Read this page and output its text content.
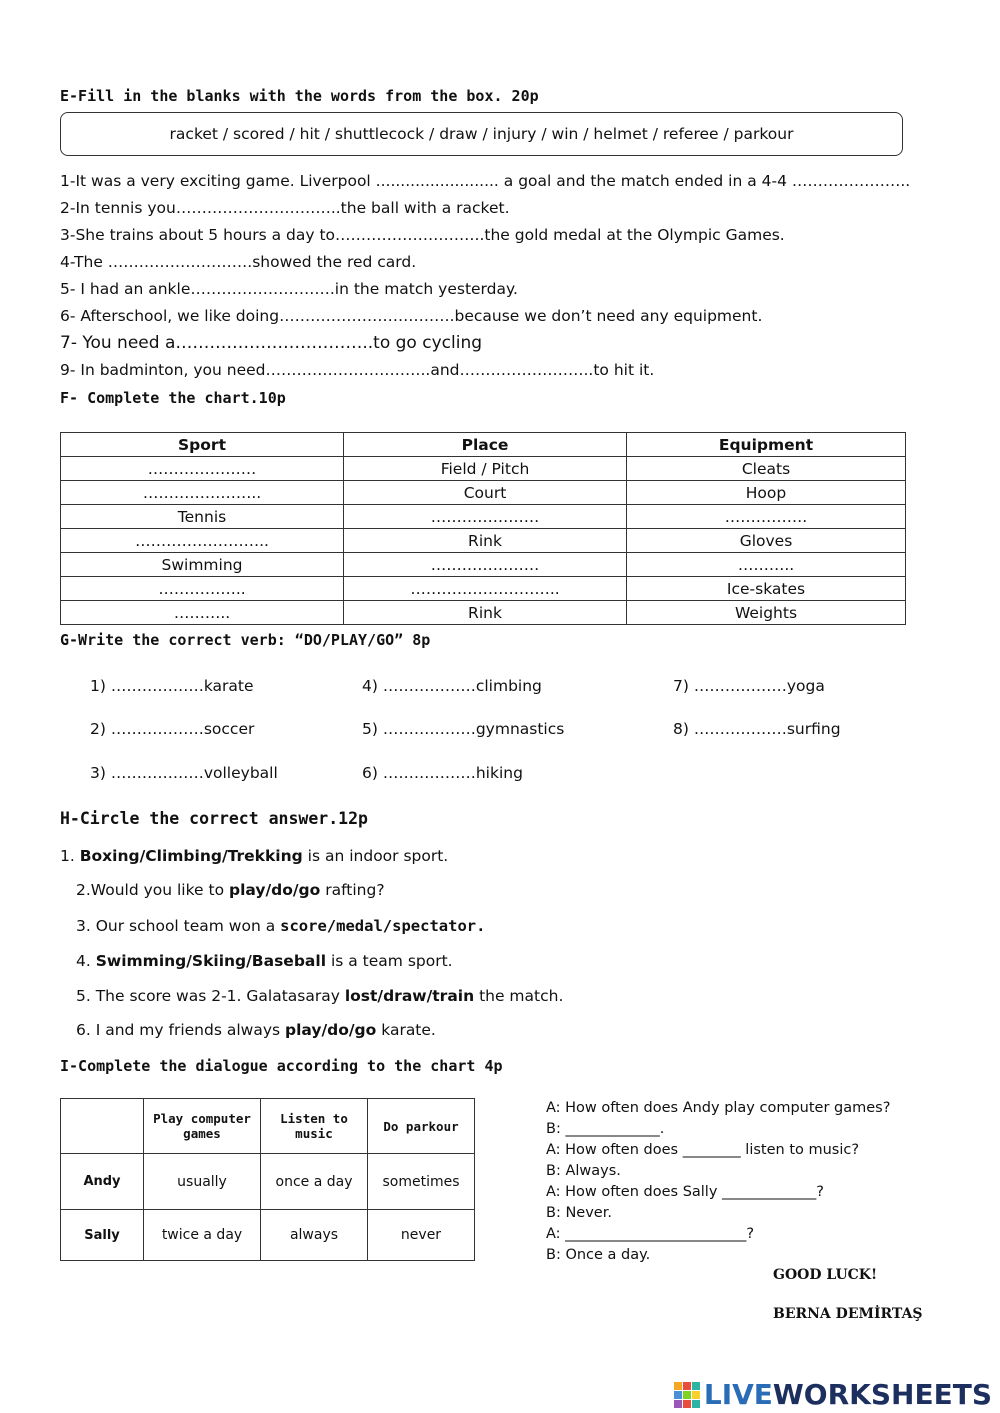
E-Fill in the blanks with the words from the box. 20p
racket / scored / hit / shuttlecock / draw / injury / win / helmet / referee / parkour
1-It was a very exciting game. Liverpool ......................... a goal and the match ended in a 4-4 …………………..
2-In tennis you…………………………..the ball with a racket.
3-She trains about 5 hours a day to………………………..the gold medal at the Olympic Games.
4-The ……………………….showed the red card.
5- I had an ankle……………………….in the match yesterday.
6- Afterschool, we like doing…………………………….because we don’t need any equipment.
7- You need a……………………………..to go cycling
9- In badminton, you need…………………………..and……………………..to hit it.
F- Complete the chart.10p
Sport	Place	Equipment
…………………	Field / Pitch	Cleats
…………………..	Court	Hoop
Tennis	…………………	…………….
……………………..	Rink	Gloves
Swimming	…………………	………..
……………..	………………………..	Ice-skates
………..	Rink	Weights
G-Write the correct verb: “DO/PLAY/GO” 8p
1) ………………karate	4) ………………climbing	7) ………………yoga
2) ………………soccer	5) ………………gymnastics	8) ………………surfing
3) ………………volleyball	6) ………………hiking
H-Circle the correct answer.12p
1. Boxing/Climbing/Trekking is an indoor sport.
2.Would you like to play/do/go rafting?
3. Our school team won a score/medal/spectator.
4. Swimming/Skiing/Baseball is a team sport.
5. The score was 2-1. Galatasaray lost/draw/train the match.
6. I and my friends always play/do/go karate.
I-Complete the dialogue according to the chart 4p
	Play computer games	Listen to music	Do parkour
Andy	usually	once a day	sometimes
Sally	twice a day	always	never
A: How often does Andy play computer games?
B: _____________.
A: How often does ________ listen to music?
B: Always.
A: How often does Sally _____________?
B: Never.
A: _________________________?
B: Once a day.
GOOD LUCK!
BERNA DEMİRTAŞ
LIVEWORKSHEETS
